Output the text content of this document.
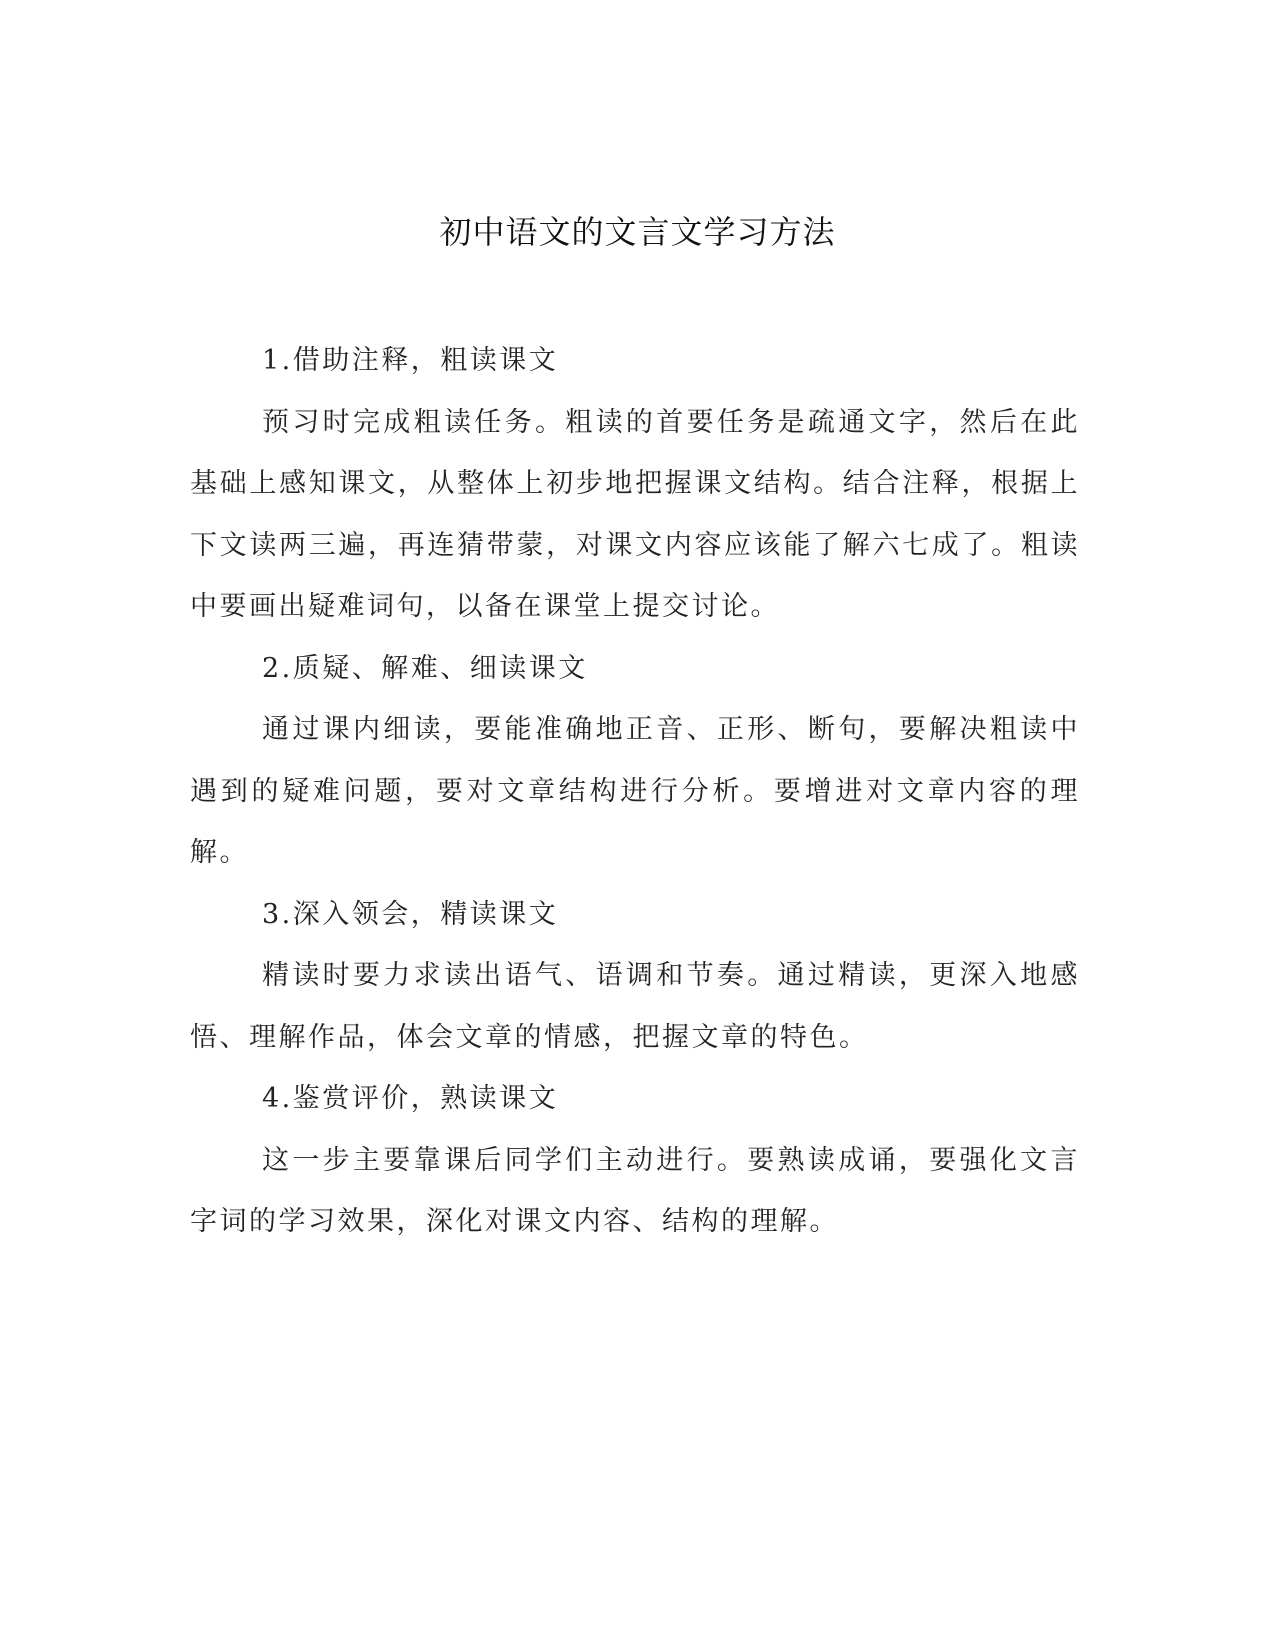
初中语文的文言文学习方法

1.借助注释，粗读课文

预习时完成粗读任务。粗读的首要任务是疏通文字，然后在此基础上感知课文，从整体上初步地把握课文结构。结合注释，根据上下文读两三遍，再连猜带蒙，对课文内容应该能了解六七成了。粗读中要画出疑难词句，以备在课堂上提交讨论。

2.质疑、解难、细读课文

通过课内细读，要能准确地正音、正形、断句，要解决粗读中遇到的疑难问题，要对文章结构进行分析。要增进对文章内容的理解。

3.深入领会，精读课文

精读时要力求读出语气、语调和节奏。通过精读，更深入地感悟、理解作品，体会文章的情感，把握文章的特色。

4.鉴赏评价，熟读课文

这一步主要靠课后同学们主动进行。要熟读成诵，要强化文言字词的学习效果，深化对课文内容、结构的理解。
